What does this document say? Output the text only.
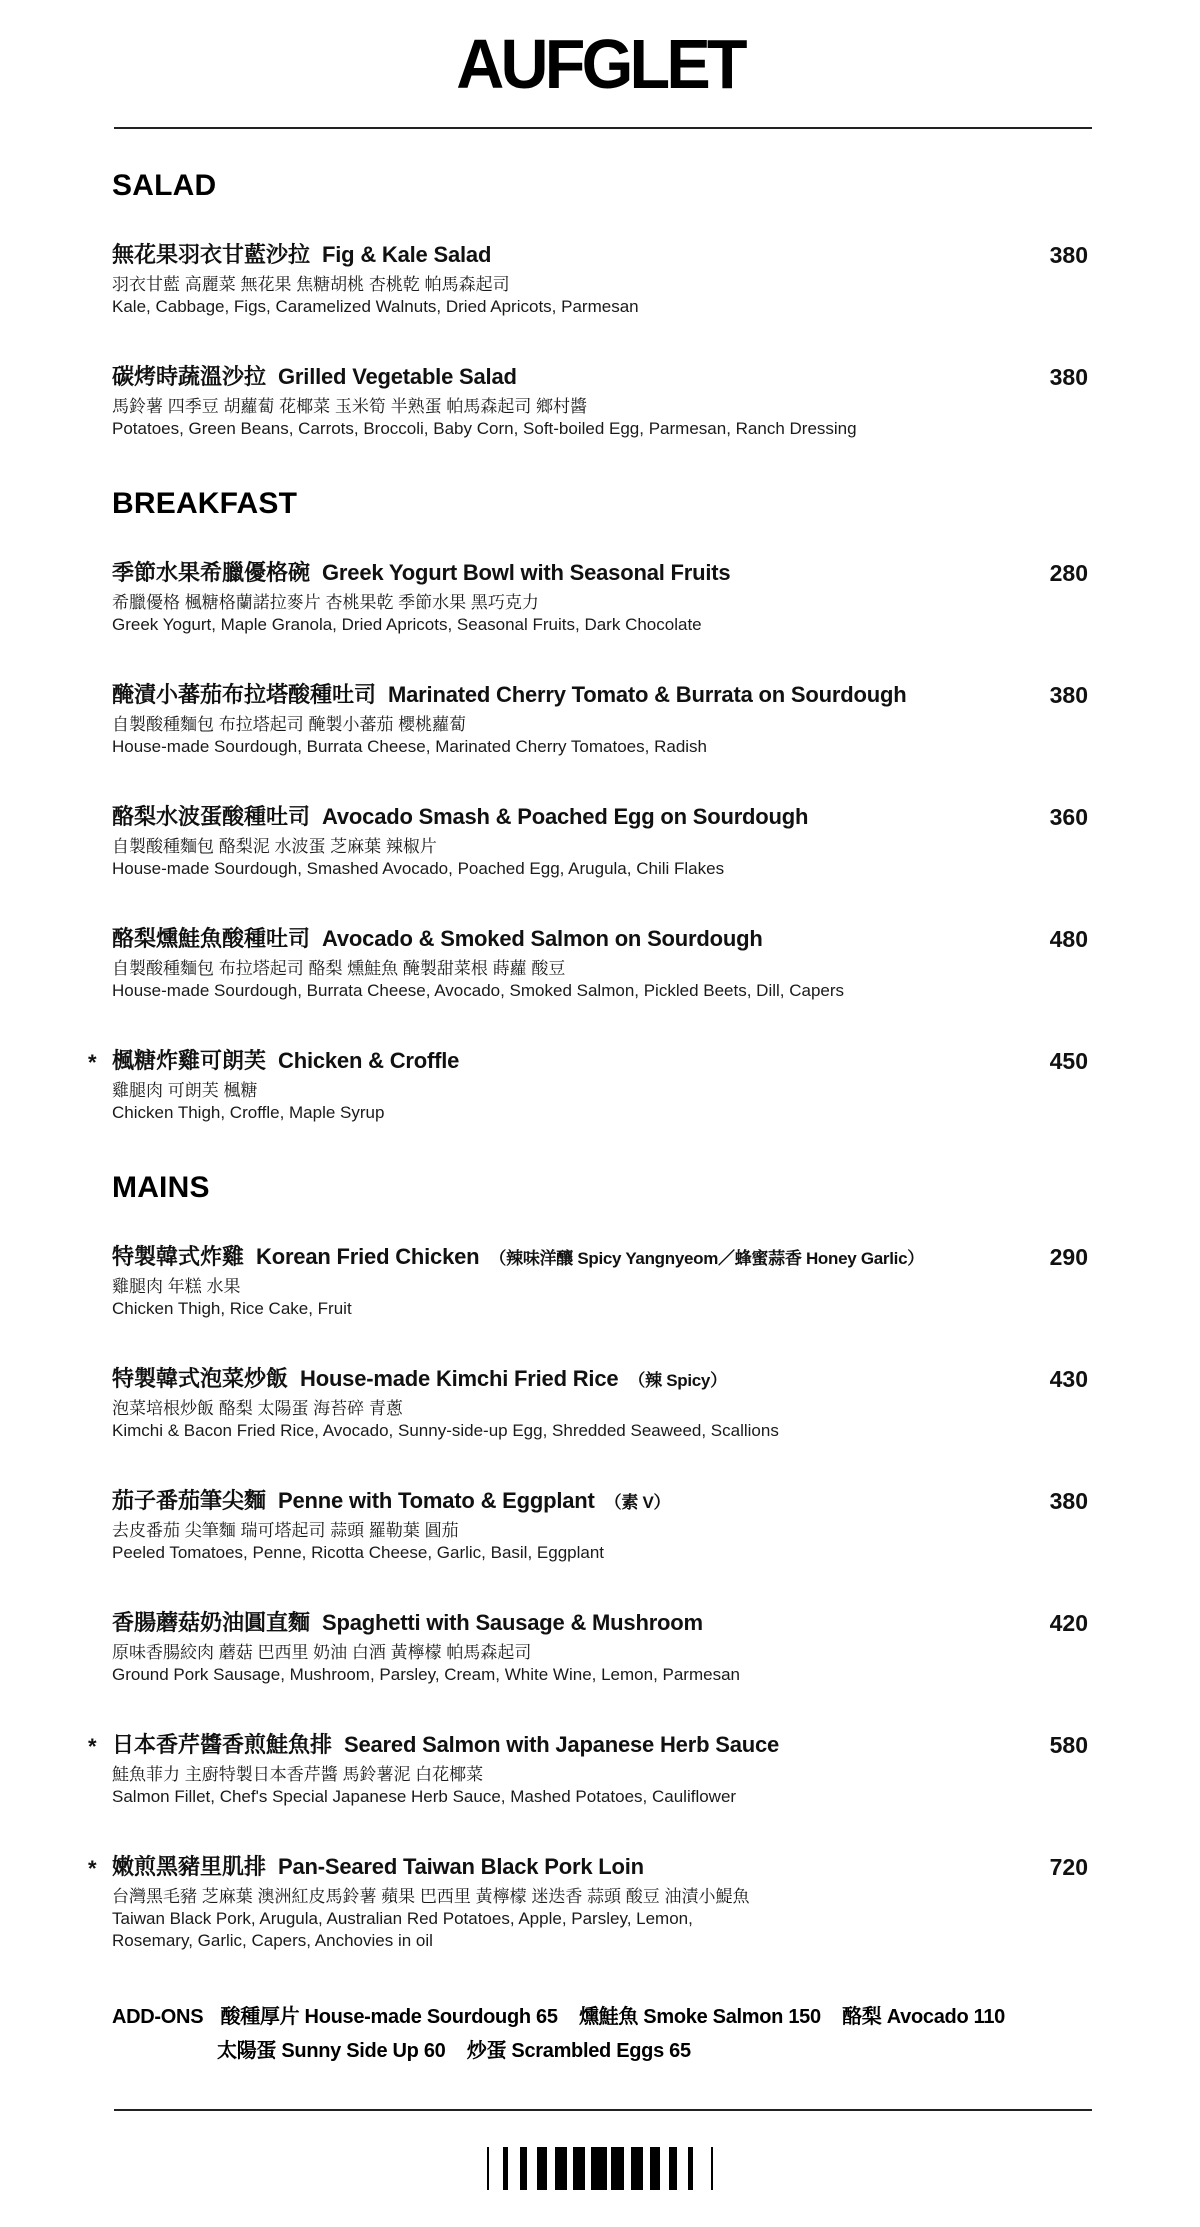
AUFGLET
SALAD
無花果羽衣甘藍沙拉 Fig & Kale Salad	380
羽衣甘藍 高麗菜 無花果 焦糖胡桃 杏桃乾 帕馬森起司
Kale, Cabbage, Figs, Caramelized Walnuts, Dried Apricots, Parmesan
碳烤時蔬溫沙拉 Grilled Vegetable Salad	380
馬鈴薯 四季豆 胡蘿蔔 花椰菜 玉米筍 半熟蛋 帕馬森起司 鄉村醬
Potatoes, Green Beans, Carrots, Broccoli, Baby Corn, Soft-boiled Egg, Parmesan, Ranch Dressing
BREAKFAST
季節水果希臘優格碗 Greek Yogurt Bowl with Seasonal Fruits	280
希臘優格 楓糖格蘭諾拉麥片 杏桃果乾 季節水果 黑巧克力
Greek Yogurt, Maple Granola, Dried Apricots, Seasonal Fruits, Dark Chocolate
醃漬小蕃茄布拉塔酸種吐司 Marinated Cherry Tomato & Burrata on Sourdough	380
自製酸種麵包 布拉塔起司 醃製小蕃茄 櫻桃蘿蔔
House-made Sourdough, Burrata Cheese, Marinated Cherry Tomatoes, Radish
酪梨水波蛋酸種吐司 Avocado Smash & Poached Egg on Sourdough	360
自製酸種麵包 酪梨泥 水波蛋 芝麻葉 辣椒片
House-made Sourdough, Smashed Avocado, Poached Egg, Arugula, Chili Flakes
酪梨燻鮭魚酸種吐司 Avocado & Smoked Salmon on Sourdough	480
自製酸種麵包 布拉塔起司 酪梨 燻鮭魚 醃製甜菜根 蒔蘿 酸豆
House-made Sourdough, Burrata Cheese, Avocado, Smoked Salmon, Pickled Beets, Dill, Capers
* 楓糖炸雞可朗芙 Chicken & Croffle	450
雞腿肉 可朗芙 楓糖
Chicken Thigh, Croffle, Maple Syrup
MAINS
特製韓式炸雞 Korean Fried Chicken （辣味洋釀 Spicy Yangnyeom／蜂蜜蒜香 Honey Garlic）	290
雞腿肉 年糕 水果
Chicken Thigh, Rice Cake, Fruit
特製韓式泡菜炒飯 House-made Kimchi Fried Rice （辣 Spicy）	430
泡菜培根炒飯 酪梨 太陽蛋 海苔碎 青蔥
Kimchi & Bacon Fried Rice, Avocado, Sunny-side-up Egg, Shredded Seaweed, Scallions
茄子番茄筆尖麵 Penne with Tomato & Eggplant （素 V）	380
去皮番茄 尖筆麵 瑞可塔起司 蒜頭 羅勒葉 圓茄
Peeled Tomatoes, Penne, Ricotta Cheese, Garlic, Basil, Eggplant
香腸蘑菇奶油圓直麵 Spaghetti with Sausage & Mushroom	420
原味香腸絞肉 蘑菇 巴西里 奶油 白酒 黃檸檬 帕馬森起司
Ground Pork Sausage, Mushroom, Parsley, Cream, White Wine, Lemon, Parmesan
* 日本香芹醬香煎鮭魚排 Seared Salmon with Japanese Herb Sauce	580
鮭魚菲力 主廚特製日本香芹醬 馬鈴薯泥 白花椰菜
Salmon Fillet, Chef's Special Japanese Herb Sauce, Mashed Potatoes, Cauliflower
* 嫩煎黑豬里肌排 Pan-Seared Taiwan Black Pork Loin	720
台灣黑毛豬 芝麻葉 澳洲紅皮馬鈴薯 蘋果 巴西里 黃檸檬 迷迭香 蒜頭 酸豆 油漬小鯷魚
Taiwan Black Pork, Arugula, Australian Red Potatoes, Apple, Parsley, Lemon,
Rosemary, Garlic, Capers, Anchovies in oil
ADD-ONS 酸種厚片 House-made Sourdough 65 燻鮭魚 Smoke Salmon 150 酪梨 Avocado 110
太陽蛋 Sunny Side Up 60 炒蛋 Scrambled Eggs 65
